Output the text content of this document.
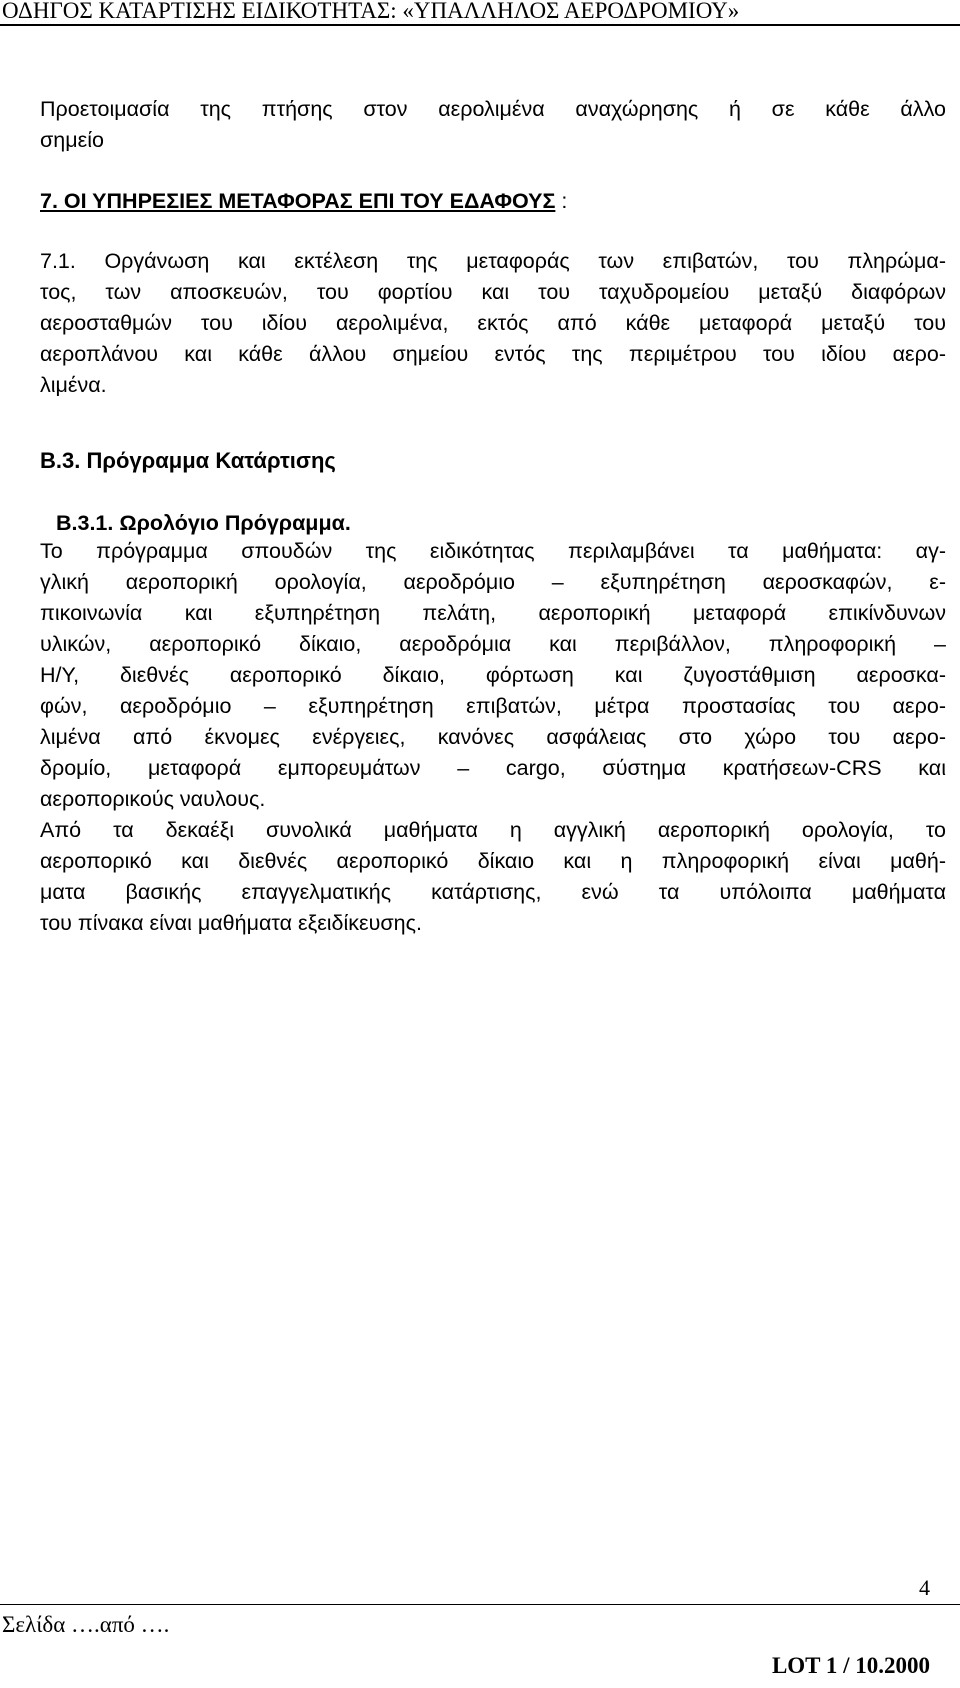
ΟΔΗΓΟΣ ΚΑΤΑΡΤΙΣΗΣ ΕΙΔΙΚΟΤΗΤΑΣ: «ΥΠΑΛΛΗΛΟΣ ΑΕΡΟΔΡΟΜΙΟΥ»
Προετοιμασία της πτήσης στον αερολιμένα αναχώρησης ή σε κάθε άλλο
σημείο
7. ΟΙ ΥΠΗΡΕΣΙΕΣ ΜΕΤΑΦΟΡΑΣ ΕΠΙ ΤΟΥ ΕΔΑΦΟΥΣ :
7.1. Οργάνωση και εκτέλεση της μεταφοράς των επιβατών, του πληρώμα-
τος, των αποσκευών, του φορτίου και του ταχυδρομείου μεταξύ διαφόρων
αεροσταθμών του ιδίου αερολιμένα, εκτός από κάθε μεταφορά μεταξύ του
αεροπλάνου και κάθε άλλου σημείου εντός της περιμέτρου του ιδίου αερο-
λιμένα.
Β.3. Πρόγραμμα Κατάρτισης
Β.3.1. Ωρολόγιο Πρόγραμμα.
Το πρόγραμμα σπουδών της ειδικότητας περιλαμβάνει τα μαθήματα: αγ-
γλική αεροπορική ορολογία, αεροδρόμιο – εξυπηρέτηση αεροσκαφών, ε-
πικοινωνία και εξυπηρέτηση πελάτη, αεροπορική μεταφορά επικίνδυνων
υλικών, αεροπορικό δίκαιο, αεροδρόμια και περιβάλλον, πληροφορική –
Η/Υ, διεθνές αεροπορικό δίκαιο, φόρτωση και ζυγοστάθμιση αεροσκα-
φών, αεροδρόμιο – εξυπηρέτηση επιβατών, μέτρα προστασίας του αερο-
λιμένα από έκνομες ενέργειες, κανόνες ασφάλειας στο χώρο του αερο-
δρομίο, μεταφορά εμπορευμάτων – cargo, σύστημα κρατήσεων-CRS και
αεροπορικούς ναυλους.
Από τα δεκαέξι συνολικά μαθήματα η αγγλική αεροπορική ορολογία, το
αεροπορικό και διεθνές αεροπορικό δίκαιο και η πληροφορική είναι μαθή-
ματα βασικής επαγγελματικής κατάρτισης, ενώ τα υπόλοιπα μαθήματα
του πίνακα είναι μαθήματα εξειδίκευσης.
4
Σελίδα ….από ….
LOT 1 / 10.2000
